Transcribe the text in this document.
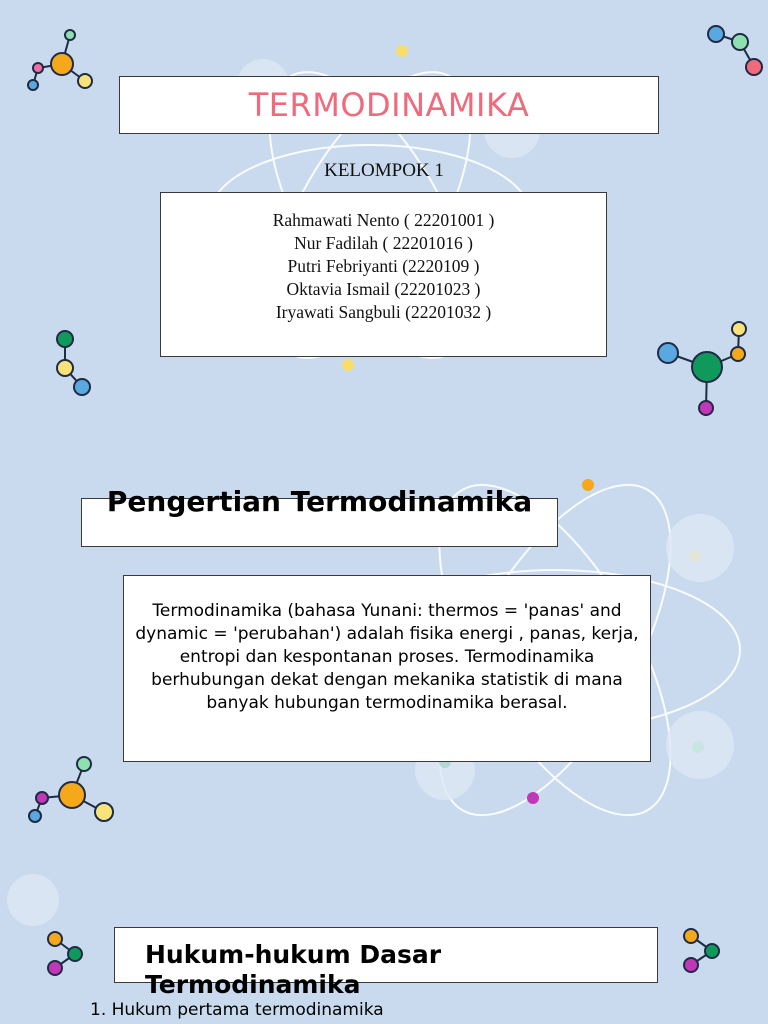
TERMODINAMIKA
KELOMPOK 1
Rahmawati Nento ( 22201001 )
Nur Fadilah ( 22201016 )
Putri Febriyanti (2220109 )
Oktavia Ismail (22201023 )
Iryawati Sangbuli (22201032 )
Pengertian Termodinamika

Termodinamika (bahasa Yunani: thermos = 'panas' and dynamic = 'perubahan') adalah fisika energi , panas, kerja, entropi dan kespontanan proses. Termodinamika berhubungan dekat dengan mekanika statistik di mana banyak hubungan termodinamika berasal.

Hukum-hukum Dasar Termodinamika

1. Hukum pertama termodinamika
